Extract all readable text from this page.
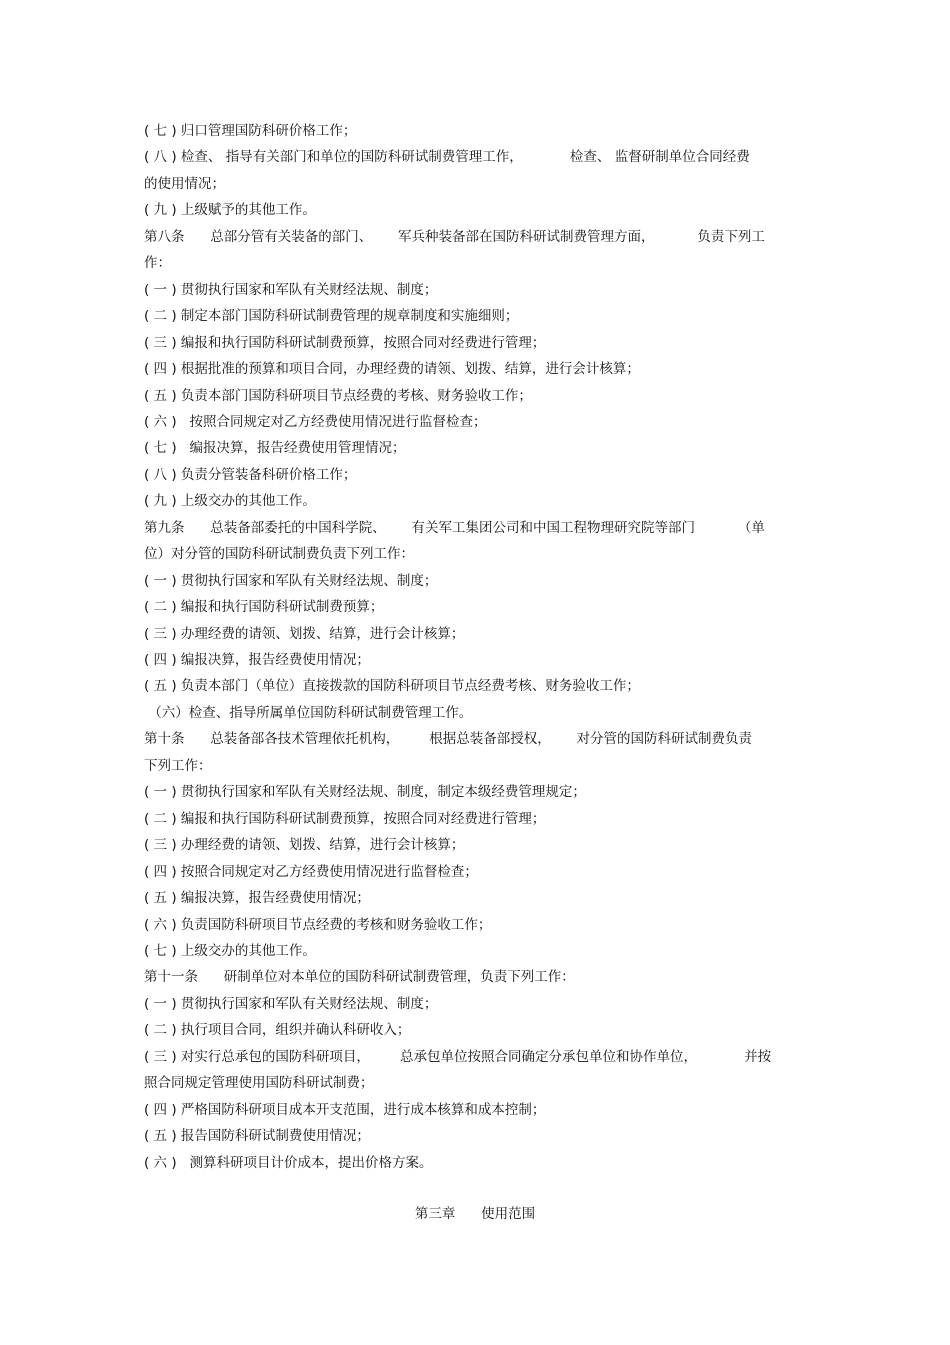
( 七 ) 归口管理国防科研价格工作；
( 八 ) 检查、 指导有关部门和单位的国防科研试制费管理工作，           检查、 监督研制单位合同经费
的使用情况；
( 九 ) 上级赋予的其他工作。
第八条      总部分管有关装备的部门、      军兵种装备部在国防科研试制费管理方面，          负责下列工
作：
( 一 ) 贯彻执行国家和军队有关财经法规、制度；
( 二 ) 制定本部门国防科研试制费管理的规章制度和实施细则；
( 三 ) 编报和执行国防科研试制费预算，按照合同对经费进行管理；
( 四 ) 根据批准的预算和项目合同，办理经费的请领、划拨、结算，进行会计核算；
( 五 ) 负责本部门国防科研项目节点经费的考核、财务验收工作；
( 六 )   按照合同规定对乙方经费使用情况进行监督检查；
( 七 )   编报决算，报告经费使用管理情况；
( 八 ) 负责分管装备科研价格工作；
( 九 ) 上级交办的其他工作。
第九条      总装备部委托的中国科学院、      有关军工集团公司和中国工程物理研究院等部门          （单
位）对分管的国防科研试制费负责下列工作：
( 一 ) 贯彻执行国家和军队有关财经法规、制度；
( 二 ) 编报和执行国防科研试制费预算；
( 三 ) 办理经费的请领、划拨、结算，进行会计核算；
( 四 ) 编报决算，报告经费使用情况；
( 五 ) 负责本部门（单位）直接拨款的国防科研项目节点经费考核、财务验收工作；
（六）检查、指导所属单位国防科研试制费管理工作。
第十条      总装备部各技术管理依托机构，       根据总装备部授权，      对分管的国防科研试制费负责
下列工作：
( 一 ) 贯彻执行国家和军队有关财经法规、制度，制定本级经费管理规定；
( 二 ) 编报和执行国防科研试制费预算，按照合同对经费进行管理；
( 三 ) 办理经费的请领、划拨、结算，进行会计核算；
( 四 ) 按照合同规定对乙方经费使用情况进行监督检查；
( 五 ) 编报决算，报告经费使用情况；
( 六 ) 负责国防科研项目节点经费的考核和财务验收工作；
( 七 ) 上级交办的其他工作。
第十一条      研制单位对本单位的国防科研试制费管理，负责下列工作：
( 一 ) 贯彻执行国家和军队有关财经法规、制度；
( 二 ) 执行项目合同，组织并确认科研收入；
( 三 ) 对实行总承包的国防科研项目，       总承包单位按照合同确定分承包单位和协作单位，           并按
照合同规定管理使用国防科研试制费；
( 四 ) 严格国防科研项目成本开支范围，进行成本核算和成本控制；
( 五 ) 报告国防科研试制费使用情况；
( 六 )   测算科研项目计价成本，提出价格方案。
第三章      使用范围
